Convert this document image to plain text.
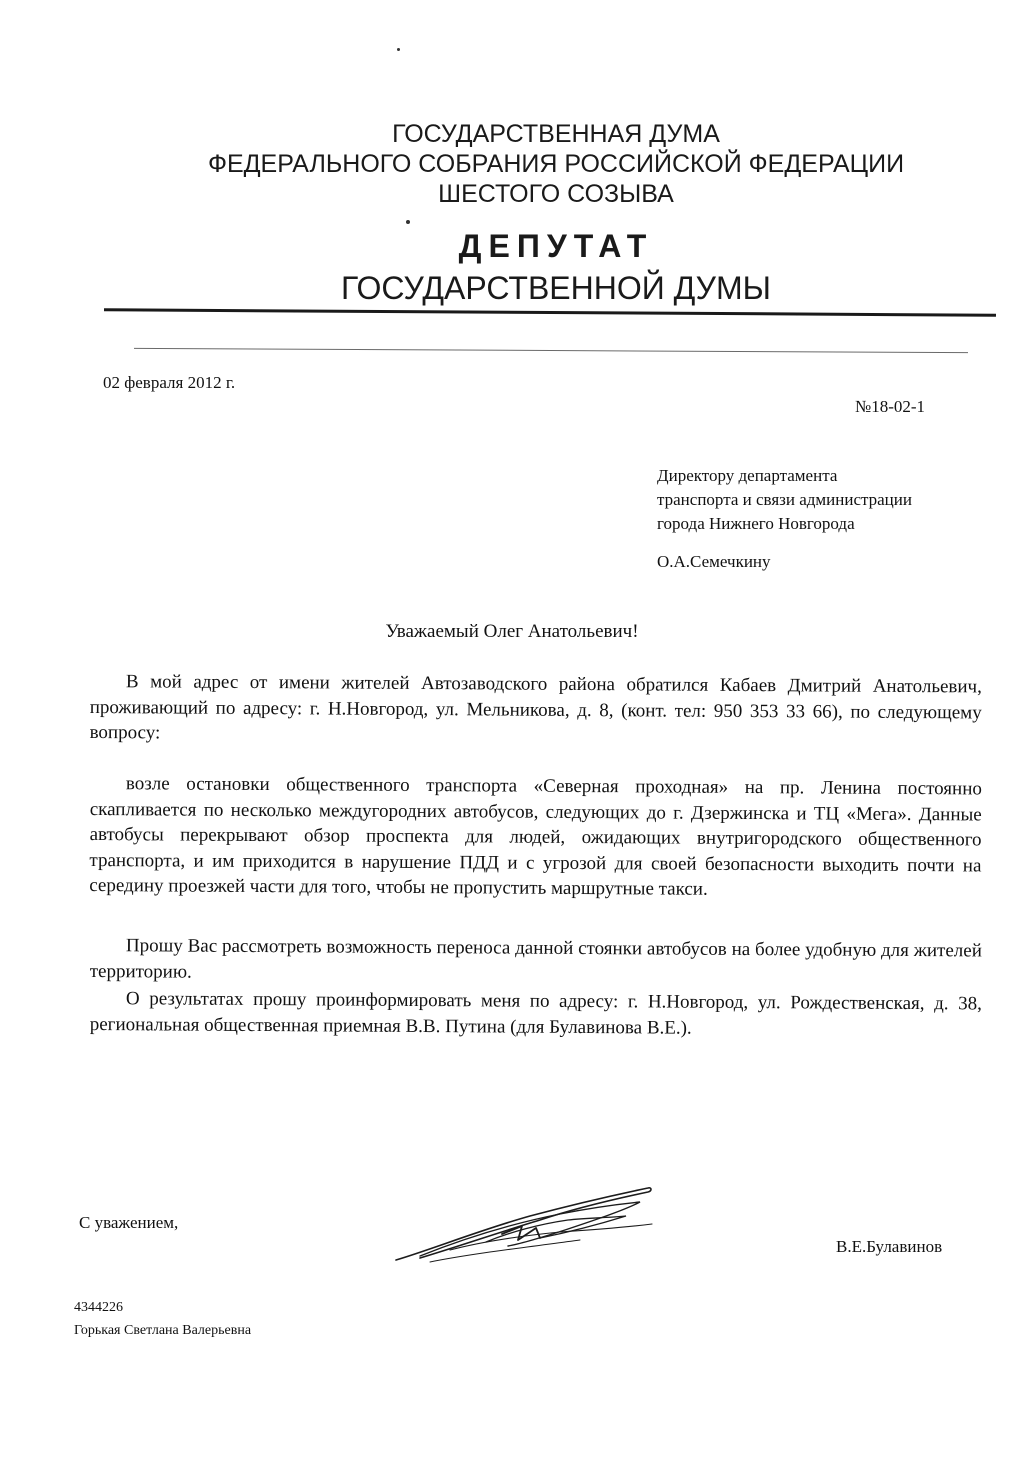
ГОСУДАРСТВЕННАЯ ДУМА
ФЕДЕРАЛЬНОГО СОБРАНИЯ РОССИЙСКОЙ ФЕДЕРАЦИИ
ШЕСТОГО СОЗЫВА
ДЕПУТАТ
ГОСУДАРСТВЕННОЙ ДУМЫ
02 февраля 2012 г.
№18-02-1
Директору департамента
транспорта и связи администрации
города Нижнего Новгорода
О.А.Семечкину
Уважаемый Олег Анатольевич!
В мой адрес от имени жителей Автозаводского района обратился Кабаев Дмитрий Анатольевич, проживающий по адресу: г. Н.Новгород, ул. Мельникова, д. 8, (конт. тел: 950 353 33 66), по следующему вопросу:
возле остановки общественного транспорта «Северная проходная» на пр. Ленина постоянно скапливается по несколько междугородних автобусов, следующих до г. Дзержинска и ТЦ «Мега». Данные автобусы перекрывают обзор проспекта для людей, ожидающих внутригородского общественного транспорта, и им приходится в нарушение ПДД и с угрозой для своей безопасности выходить почти на середину проезжей части для того, чтобы не пропустить маршрутные такси.
Прошу Вас рассмотреть возможность переноса данной стоянки автобусов на более удобную для жителей территорию.
О результатах прошу проинформировать меня по адресу: г. Н.Новгород, ул. Рождественская, д. 38, региональная общественная приемная В.В. Путина (для Булавинова В.Е.).
С уважением,
В.Е.Булавинов
4344226
Горькая Светлана Валерьевна
